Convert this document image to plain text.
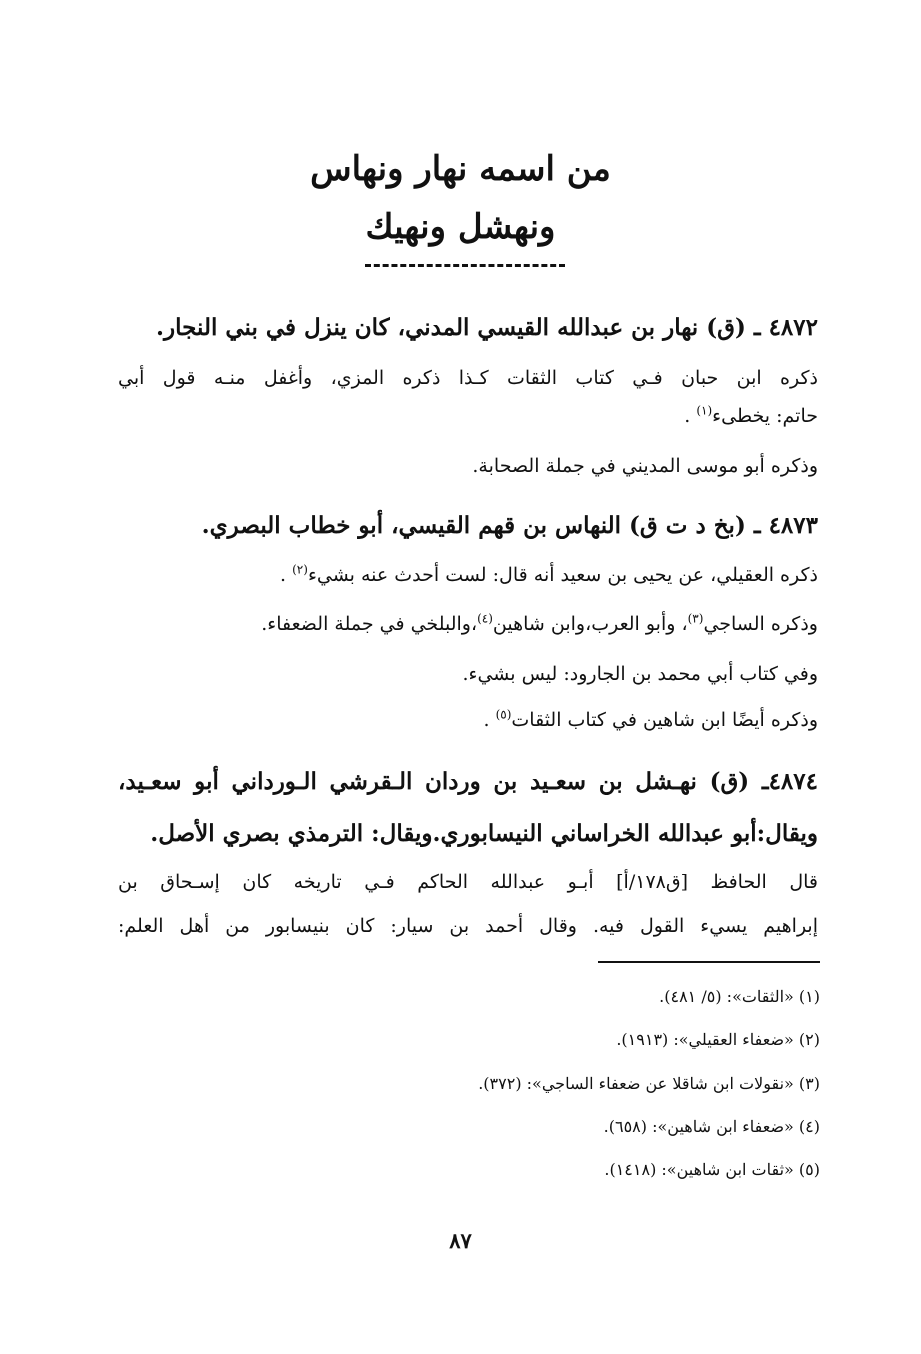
من اسمه نهار ونهاس
ونهشل ونهيك
٤٨٧٢ ـ (ق) نهار بن عبدالله القيسي المدني، كان ينزل في بني النجار.
ذكره ابن حبان فـي كتاب الثقات كـذا ذكره المزي، وأغفل منـه قول أبي
حاتم: يخطىء$^{(١)}$ .
وذكره أبو موسى المديني في جملة الصحابة.
٤٨٧٣ ـ (بخ د ت ق) النهاس بن قهم القيسي، أبو خطاب البصري.
ذكره العقيلي، عن يحيى بن سعيد أنه قال: لست أحدث عنه بشيء$^{(٢)}$ .
وذكره الساجي$^{(٣)}$، وأبو العرب،وابن شاهين$^{(٤)}$،والبلخي في جملة الضعفاء.
وفي كتاب أبي محمد بن الجارود: ليس بشيء.
وذكره أيضًا ابن شاهين في كتاب الثقات$^{(٥)}$ .
٤٨٧٤ـ (ق) نهـشل بن سعـيد بن وردان الـقرشي الـورداني أبو سعـيد،
ويقال:أبو عبدالله الخراساني النيسابوري.ويقال: الترمذي بصري الأصل.
قال الحافظ [ق١٧٨/أ] أبـو عبدالله الحاكم فـي تاريخه كان إسـحاق بن
إبراهيم يسيء القول فيه. وقال أحمد بن سيار: كان بنيسابور من أهل العلم:
(١) «الثقات»: (٥/ ٤٨١).
(٢) «ضعفاء العقيلي»: (١٩١٣).
(٣) «نقولات ابن شاقلا عن ضعفاء الساجي»: (٣٧٢).
(٤) «ضعفاء ابن شاهين»: (٦٥٨).
(٥) «ثقات ابن شاهين»: (١٤١٨).
٨٧
